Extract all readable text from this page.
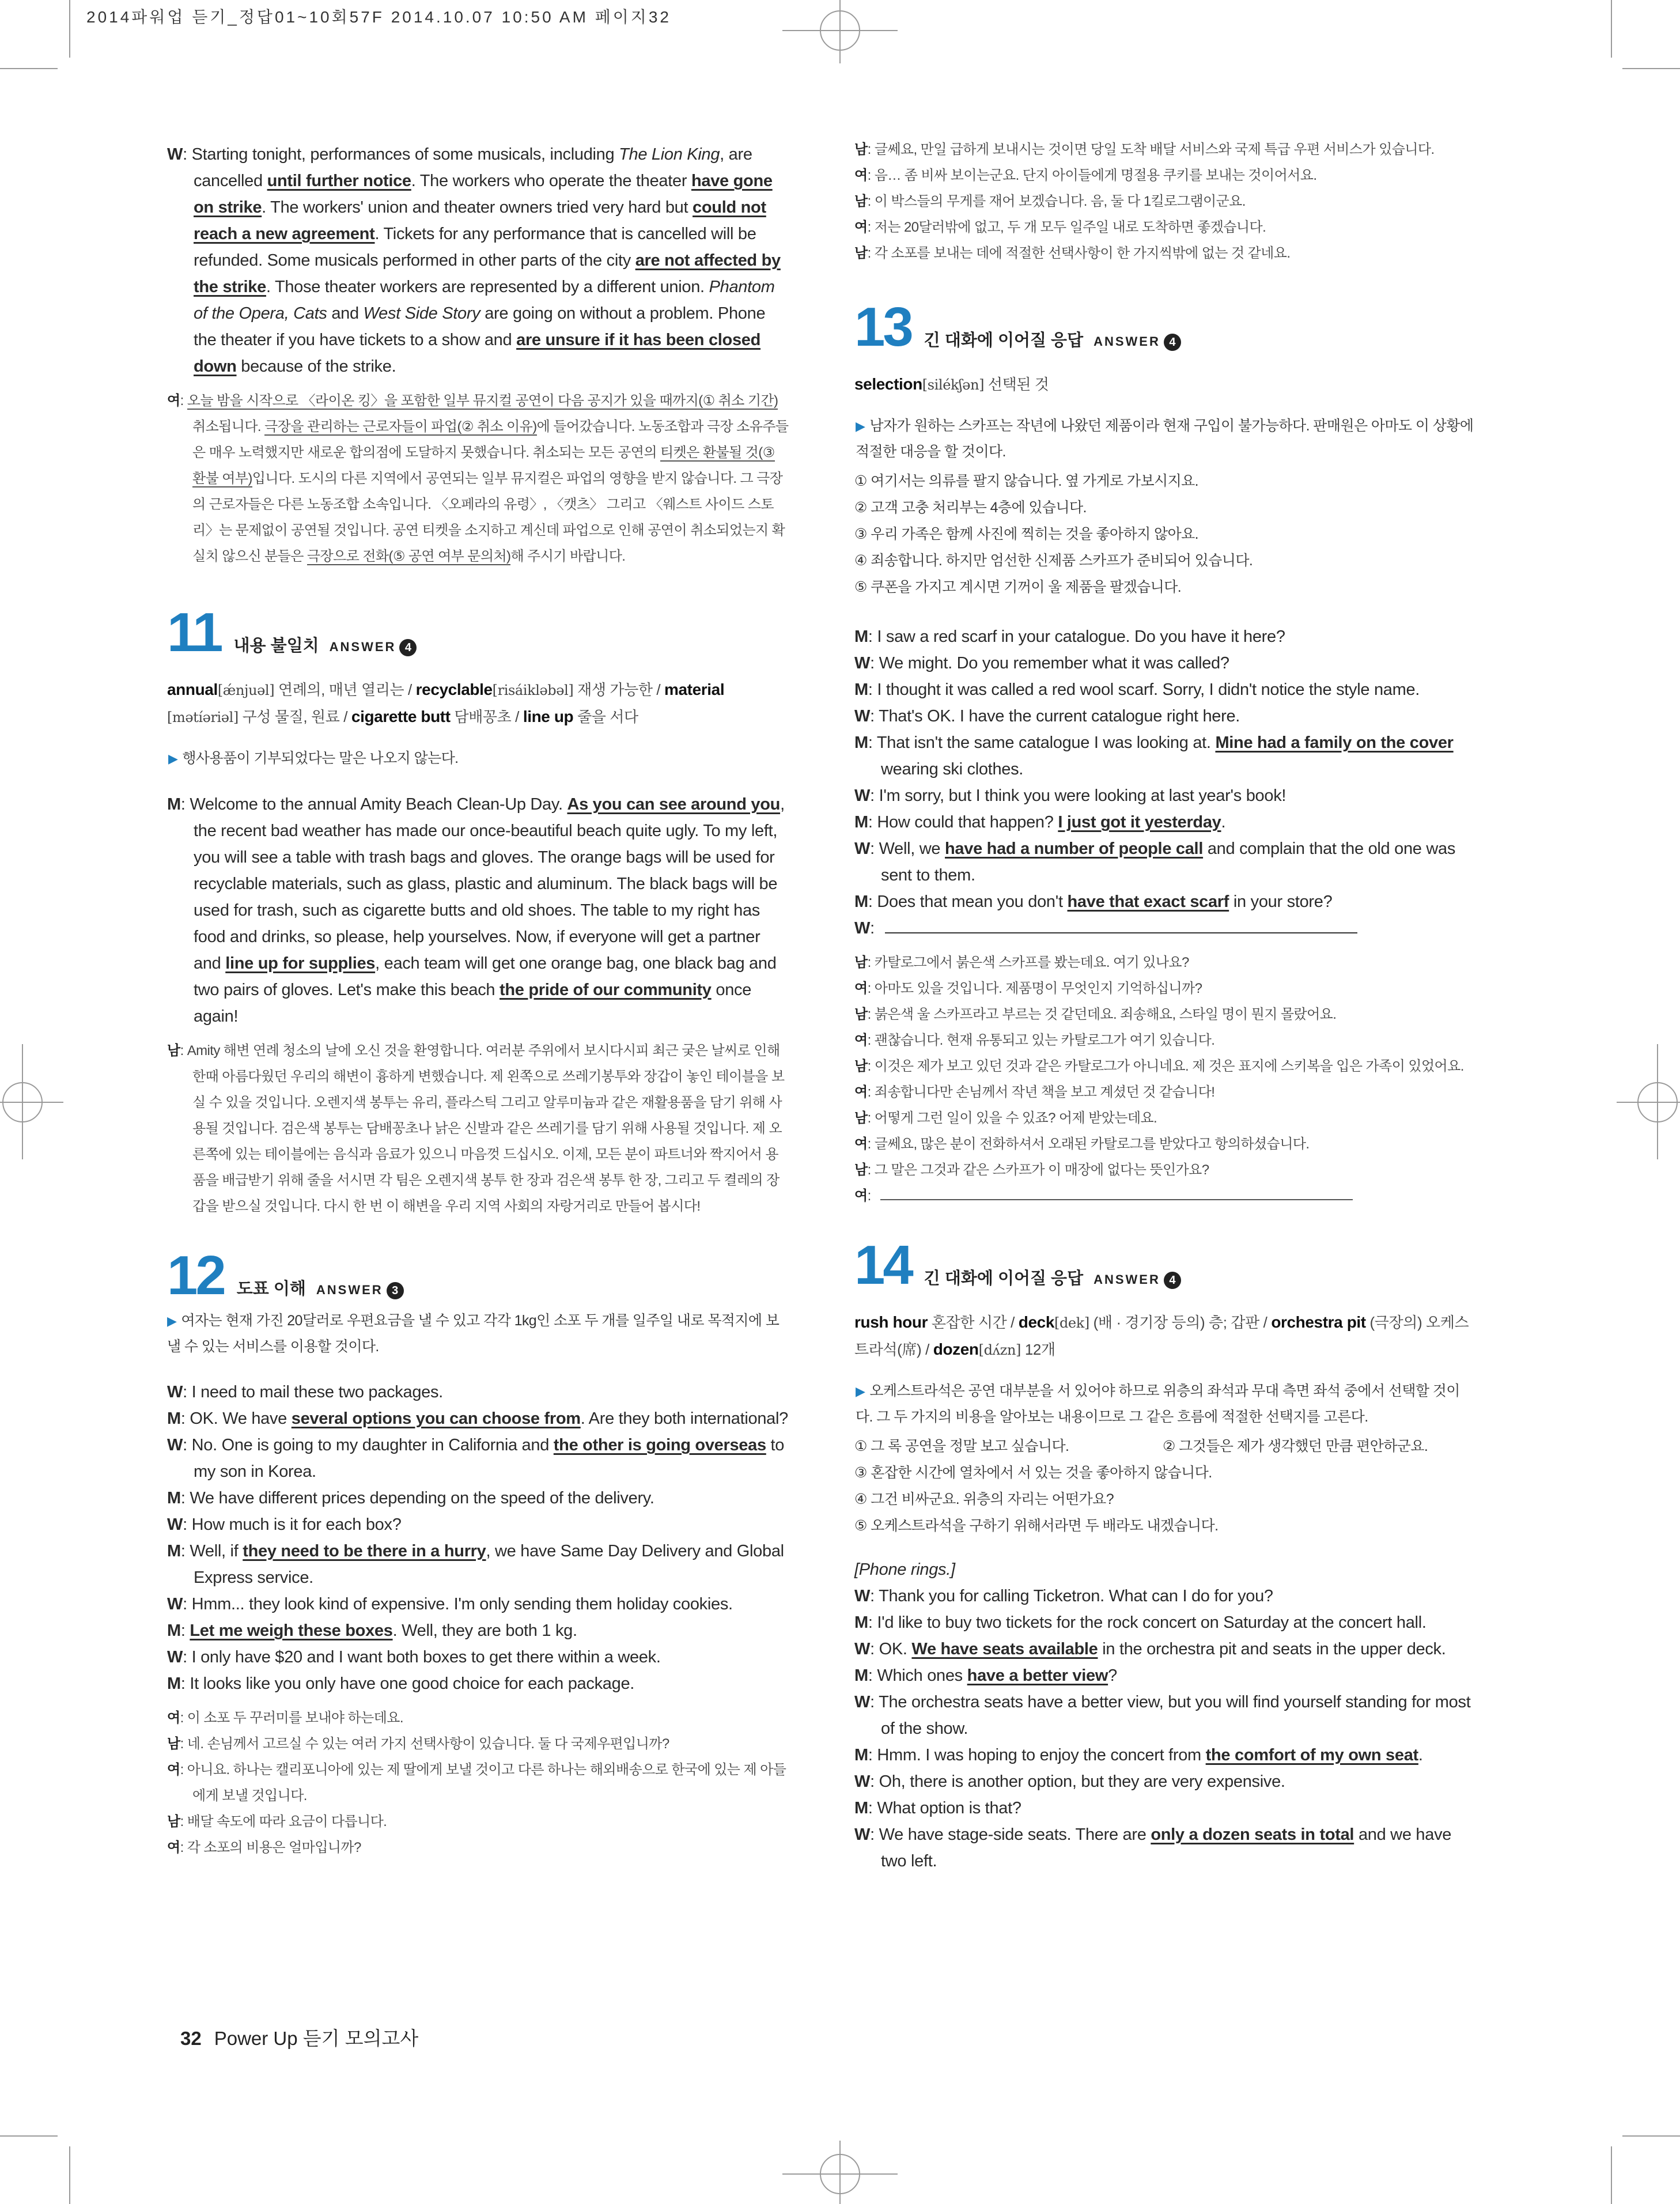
2014파워업 듣기_정답01~10회57F 2014.10.07 10:50 AM 페이지32

W: Starting tonight, performances of some musicals, including The Lion King, are cancelled until further notice. The workers who operate the theater have gone on strike. The workers' union and theater owners tried very hard but could not reach a new agreement. Tickets for any performance that is cancelled will be refunded. Some musicals performed in other parts of the city are not affected by the strike. Those theater workers are represented by a different union. Phantom of the Opera, Cats and West Side Story are going on without a problem. Phone the theater if you have tickets to a show and are unsure if it has been closed down because of the strike.

여: 오늘 밤을 시작으로 〈라이온 킹〉을 포함한 일부 뮤지컬 공연이 다음 공지가 있을 때까지(① 취소 기간) 취소됩니다. 극장을 관리하는 근로자들이 파업(② 취소 이유)에 들어갔습니다. 노동조합과 극장 소유주들은 매우 노력했지만 새로운 합의점에 도달하지 못했습니다. 취소되는 모든 공연의 티켓은 환불될 것(③ 환불 여부)입니다. 도시의 다른 지역에서 공연되는 일부 뮤지컬은 파업의 영향을 받지 않습니다. 그 극장의 근로자들은 다른 노동조합 소속입니다. 〈오페라의 유령〉, 〈캣츠〉 그리고 〈웨스트 사이드 스토리〉는 문제없이 공연될 것입니다. 공연 티켓을 소지하고 계신데 파업으로 인해 공연이 취소되었는지 확실치 않으신 분들은 극장으로 전화(⑤ 공연 여부 문의처)해 주시기 바랍니다.

11 내용 불일치 ANSWER 4

annual[ǽnjuəl] 연례의, 매년 열리는 / recyclable[risáikləbəl] 재생 가능한 / material [mətíəriəl] 구성 물질, 원료 / cigarette butt 담배꽁초 / line up 줄을 서다

▶ 행사용품이 기부되었다는 말은 나오지 않는다.

M: Welcome to the annual Amity Beach Clean-Up Day. As you can see around you, the recent bad weather has made our once-beautiful beach quite ugly. To my left, you will see a table with trash bags and gloves. The orange bags will be used for recyclable materials, such as glass, plastic and aluminum. The black bags will be used for trash, such as cigarette butts and old shoes. The table to my right has food and drinks, so please, help yourselves. Now, if everyone will get a partner and line up for supplies, each team will get one orange bag, one black bag and two pairs of gloves. Let's make this beach the pride of our community once again!

남: Amity 해변 연례 청소의 날에 오신 것을 환영합니다. 여러분 주위에서 보시다시피 최근 궂은 날씨로 인해 한때 아름다웠던 우리의 해변이 흉하게 변했습니다. 제 왼쪽으로 쓰레기봉투와 장갑이 놓인 테이블을 보실 수 있을 것입니다. 오렌지색 봉투는 유리, 플라스틱 그리고 알루미늄과 같은 재활용품을 담기 위해 사용될 것입니다. 검은색 봉투는 담배꽁초나 낡은 신발과 같은 쓰레기를 담기 위해 사용될 것입니다. 제 오른쪽에 있는 테이블에는 음식과 음료가 있으니 마음껏 드십시오. 이제, 모든 분이 파트너와 짝지어서 용품을 배급받기 위해 줄을 서시면 각 팀은 오렌지색 봉투 한 장과 검은색 봉투 한 장, 그리고 두 켤레의 장갑을 받으실 것입니다. 다시 한 번 이 해변을 우리 지역 사회의 자랑거리로 만들어 봅시다!

12 도표 이해 ANSWER 3
▶ 여자는 현재 가진 20달러로 우편요금을 낼 수 있고 각각 1kg인 소포 두 개를 일주일 내로 목적지에 보낼 수 있는 서비스를 이용할 것이다.

W: I need to mail these two packages.

M: OK. We have several options you can choose from. Are they both international?

W: No. One is going to my daughter in California and the other is going overseas to my son in Korea.

M: We have different prices depending on the speed of the delivery.

W: How much is it for each box?

M: Well, if they need to be there in a hurry, we have Same Day Delivery and Global Express service.

W: Hmm... they look kind of expensive. I'm only sending them holiday cookies.

M: Let me weigh these boxes. Well, they are both 1 kg.

W: I only have $20 and I want both boxes to get there within a week.

M: It looks like you only have one good choice for each package.

여: 이 소포 두 꾸러미를 보내야 하는데요.

남: 네. 손님께서 고르실 수 있는 여러 가지 선택사항이 있습니다. 둘 다 국제우편입니까?

여: 아니요. 하나는 캘리포니아에 있는 제 딸에게 보낼 것이고 다른 하나는 해외배송으로 한국에 있는 제 아들에게 보낼 것입니다.

남: 배달 속도에 따라 요금이 다릅니다.

여: 각 소포의 비용은 얼마입니까?

남: 글쎄요, 만일 급하게 보내시는 것이면 당일 도착 배달 서비스와 국제 특급 우편 서비스가 있습니다.

여: 음… 좀 비싸 보이는군요. 단지 아이들에게 명절용 쿠키를 보내는 것이어서요.

남: 이 박스들의 무게를 재어 보겠습니다. 음, 둘 다 1킬로그램이군요.

여: 저는 20달러밖에 없고, 두 개 모두 일주일 내로 도착하면 좋겠습니다.

남: 각 소포를 보내는 데에 적절한 선택사항이 한 가지씩밖에 없는 것 같네요.

13 긴 대화에 이어질 응답 ANSWER 4

selection[silékʃən] 선택된 것

▶ 남자가 원하는 스카프는 작년에 나왔던 제품이라 현재 구입이 불가능하다. 판매원은 아마도 이 상황에 적절한 대응을 할 것이다.
① 여기서는 의류를 팔지 않습니다. 옆 가게로 가보시지요.
② 고객 고충 처리부는 4층에 있습니다.
③ 우리 가족은 함께 사진에 찍히는 것을 좋아하지 않아요.
④ 죄송합니다. 하지만 엄선한 신제품 스카프가 준비되어 있습니다.
⑤ 쿠폰을 가지고 계시면 기꺼이 울 제품을 팔겠습니다.

M: I saw a red scarf in your catalogue. Do you have it here?

W: We might. Do you remember what it was called?

M: I thought it was called a red wool scarf. Sorry, I didn't notice the style name.

W: That's OK. I have the current catalogue right here.

M: That isn't the same catalogue I was looking at. Mine had a family on the cover wearing ski clothes.

W: I'm sorry, but I think you were looking at last year's book!

M: How could that happen? I just got it yesterday.

W: Well, we have had a number of people call and complain that the old one was sent to them.

M: Does that mean you don't have that exact scarf in your store?

W:

남: 카탈로그에서 붉은색 스카프를 봤는데요. 여기 있나요?

여: 아마도 있을 것입니다. 제품명이 무엇인지 기억하십니까?

남: 붉은색 울 스카프라고 부르는 것 같던데요. 죄송해요, 스타일 명이 뭔지 몰랐어요.

여: 괜찮습니다. 현재 유통되고 있는 카탈로그가 여기 있습니다.

남: 이것은 제가 보고 있던 것과 같은 카탈로그가 아니네요. 제 것은 표지에 스키복을 입은 가족이 있었어요.

여: 죄송합니다만 손님께서 작년 책을 보고 계셨던 것 같습니다!

남: 어떻게 그런 일이 있을 수 있죠? 어제 받았는데요.

여: 글쎄요, 많은 분이 전화하셔서 오래된 카탈로그를 받았다고 항의하셨습니다.

남: 그 말은 그것과 같은 스카프가 이 매장에 없다는 뜻인가요?

여:

14 긴 대화에 이어질 응답 ANSWER 4

rush hour 혼잡한 시간 / deck[dek] (배 · 경기장 등의) 층; 갑판 / orchestra pit (극장의) 오케스트라석(席) / dozen[dʌ́zn] 12개

▶ 오케스트라석은 공연 대부분을 서 있어야 하므로 위층의 좌석과 무대 측면 좌석 중에서 선택할 것이다. 그 두 가지의 비용을 알아보는 내용이므로 그 같은 흐름에 적절한 선택지를 고른다.
① 그 록 공연을 정말 보고 싶습니다.	② 그것들은 제가 생각했던 만큼 편안하군요.
③ 혼잡한 시간에 열차에서 서 있는 것을 좋아하지 않습니다.
④ 그건 비싸군요. 위층의 자리는 어떤가요?
⑤ 오케스트라석을 구하기 위해서라면 두 배라도 내겠습니다.
[Phone rings.]

W: Thank you for calling Ticketron. What can I do for you?

M: I'd like to buy two tickets for the rock concert on Saturday at the concert hall.

W: OK. We have seats available in the orchestra pit and seats in the upper deck.

M: Which ones have a better view?

W: The orchestra seats have a better view, but you will find yourself standing for most of the show.

M: Hmm. I was hoping to enjoy the concert from the comfort of my own seat.

W: Oh, there is another option, but they are very expensive.

M: What option is that?

W: We have stage-side seats. There are only a dozen seats in total and we have two left.

32 Power Up 듣기 모의고사
